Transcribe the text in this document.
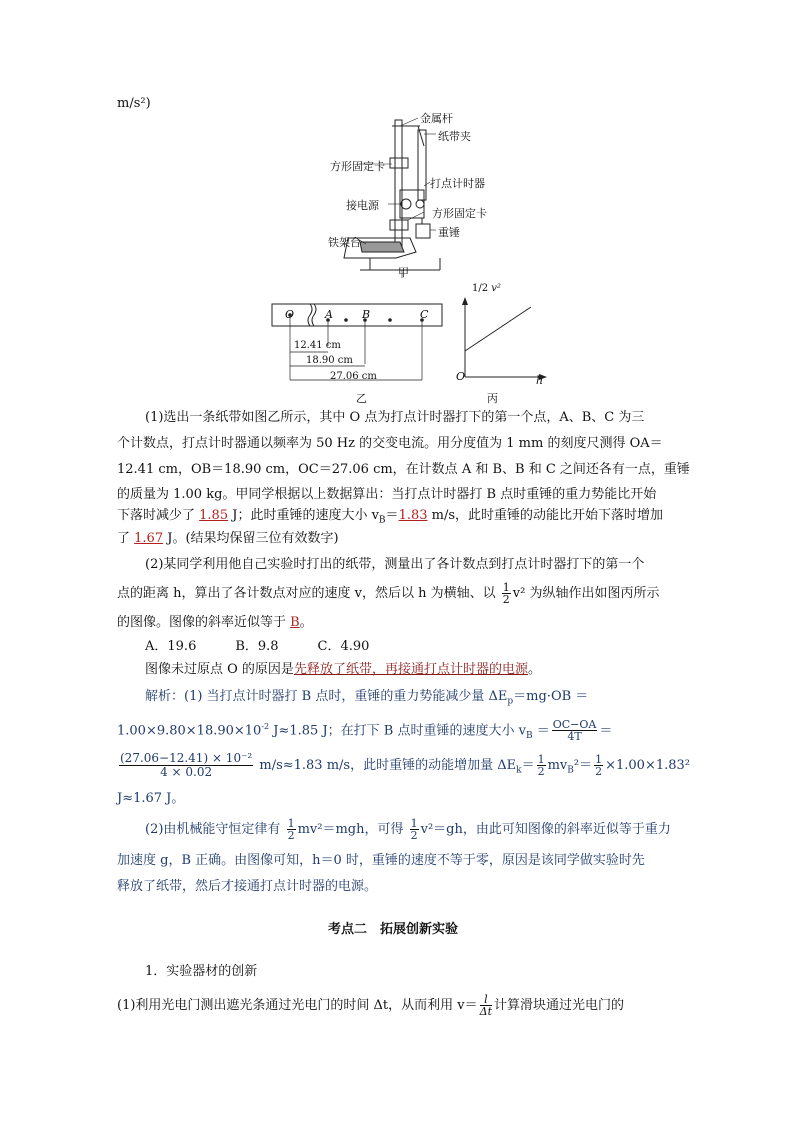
m/s²)
金属杆
纸带夹
方形固定卡
打点计时器
接电源
方形固定卡
重锤
铁架台
甲
O	A	B	C
12.41 cm
18.90 cm
27.06 cm
乙
1/2 v²
O	h
丙
(1)选出一条纸带如图乙所示，其中 O 点为打点计时器打下的第一个点，A、B、C 为三
个计数点，打点计时器通以频率为 50 Hz 的交变电流。用分度值为 1 mm 的刻度尺测得 OA＝
12.41 cm，OB＝18.90 cm，OC＝27.06 cm，在计数点 A 和 B、B 和 C 之间还各有一点，重锤
的质量为 1.00 kg。甲同学根据以上数据算出：当打点计时器打 B 点时重锤的重力势能比开始
下落时减少了 1.85 J；此时重锤的速度大小 $v_B=1.83$ m/s，此时重锤的动能比开始下落时增加
了 1.67 J。(结果均保留三位有效数字)
(2)某同学利用他自己实验时打出的纸带，测量出了各计数点到打点计时器打下的第一个
点的距离 h，算出了各计数点对应的速度 v，然后以 h 为横轴、以 $\frac{1}{2} v^2$ 为纵轴作出如图丙所示
的图像。图像的斜率近似等于 B。
A．19.6　　　B．9.8　　　C．4.90
图像未过原点 O 的原因是先释放了纸带，再接通打点计时器的电源。
解析：(1) 当打点计时器打 B 点时，重锤的重力势能减少量 $\Delta E_p=mg\cdot OB$ ＝
$1.00\times 9.80\times 18.90\times 10^{-2}$ J≈1.85 J；在打下 B 点时重锤的速度大小 $v_B = \frac{OC-OA}{4T}$ ＝
$\frac{\text{(27.06−12.41) × 10⁻²}}{4 \times 0.02} m/s\approx 1.83$ m/s，此时重锤的动能增加量 $\Delta E_k= \frac{1}{2} mv_B^2= \frac{1}{2} \times 1.00\times 1.83^2$
J≈1.67 J。
(2)由机械能守恒定律有 $\frac{1}{2} mv^2=mgh$，可得 $\frac{1}{2} v^2=gh$，由此可知图像的斜率近似等于重力
加速度 g，B 正确。由图像可知，h＝0 时，重锤的速度不等于零，原因是该同学做实验时先
释放了纸带，然后才接通打点计时器的电源。
考点二　拓展创新实验
1．实验器材的创新
(1)利用光电门测出遮光条通过光电门的时间 Δt，从而利用 $v= \frac{l}{\Delta t}$ 计算滑块通过光电门的
